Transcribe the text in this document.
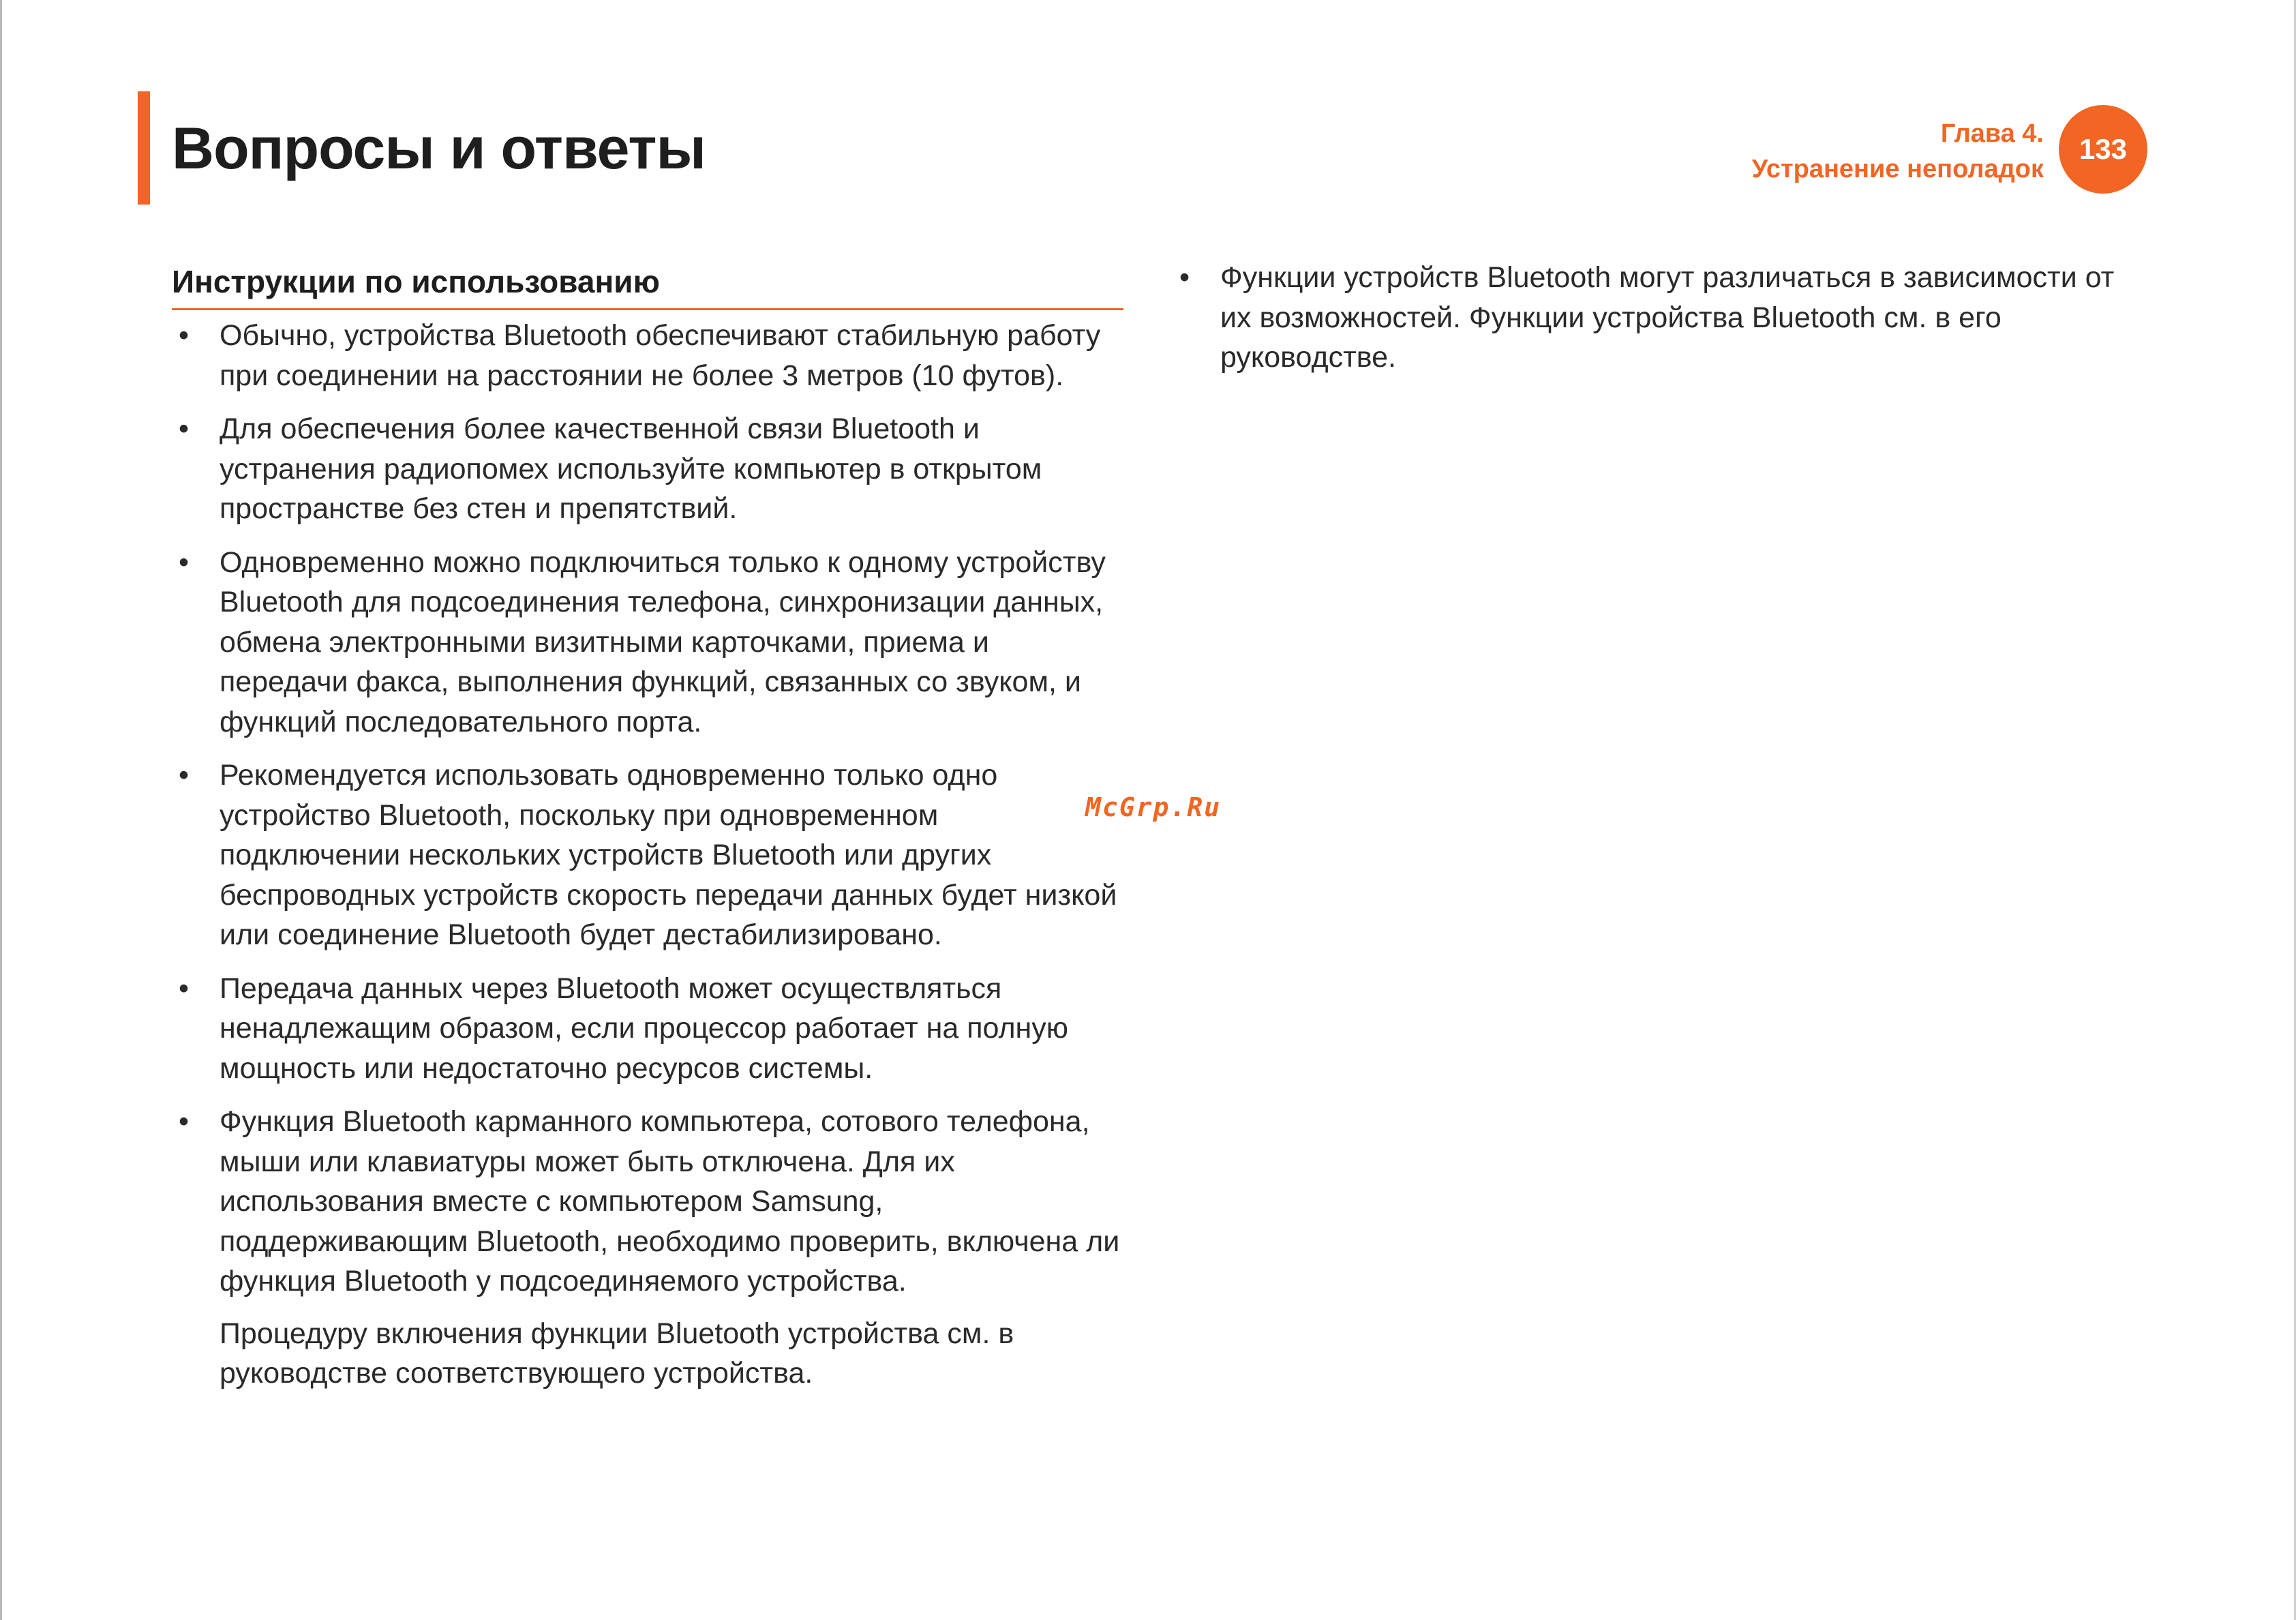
Вопросы и ответы	Глава 4.
Устранение неполадок
133
Инструкции по использованию
• Обычно, устройства Bluetooth обеспечивают стабильную работу при соединении на расстоянии не более 3 метров (10 футов).
• Для обеспечения более качественной связи Bluetooth и устранения радиопомех используйте компьютер в открытом пространстве без стен и препятствий.
• Одновременно можно подключиться только к одному устройству Bluetooth для подсоединения телефона, синхронизации данных, обмена электронными визитными карточками, приема и передачи факса, выполнения функций, связанных со звуком, и функций последовательного порта.
• Рекомендуется использовать одновременно только одно устройство Bluetooth, поскольку при одновременном подключении нескольких устройств Bluetooth или других беспроводных устройств скорость передачи данных будет низкой или соединение Bluetooth будет дестабилизировано.
• Передача данных через Bluetooth может осуществляться ненадлежащим образом, если процессор работает на полную мощность или недостаточно ресурсов системы.
• Функция Bluetooth карманного компьютера, сотового телефона, мыши или клавиатуры может быть отключена. Для их использования вместе с компьютером Samsung, поддерживающим Bluetooth, необходимо проверить, включена ли функция Bluetooth у подсоединяемого устройства.
Процедуру включения функции Bluetooth устройства см. в руководстве соответствующего устройства.
• Функции устройств Bluetooth могут различаться в зависимости от их возможностей. Функции устройства Bluetooth см. в его руководстве.
McGrp.Ru
